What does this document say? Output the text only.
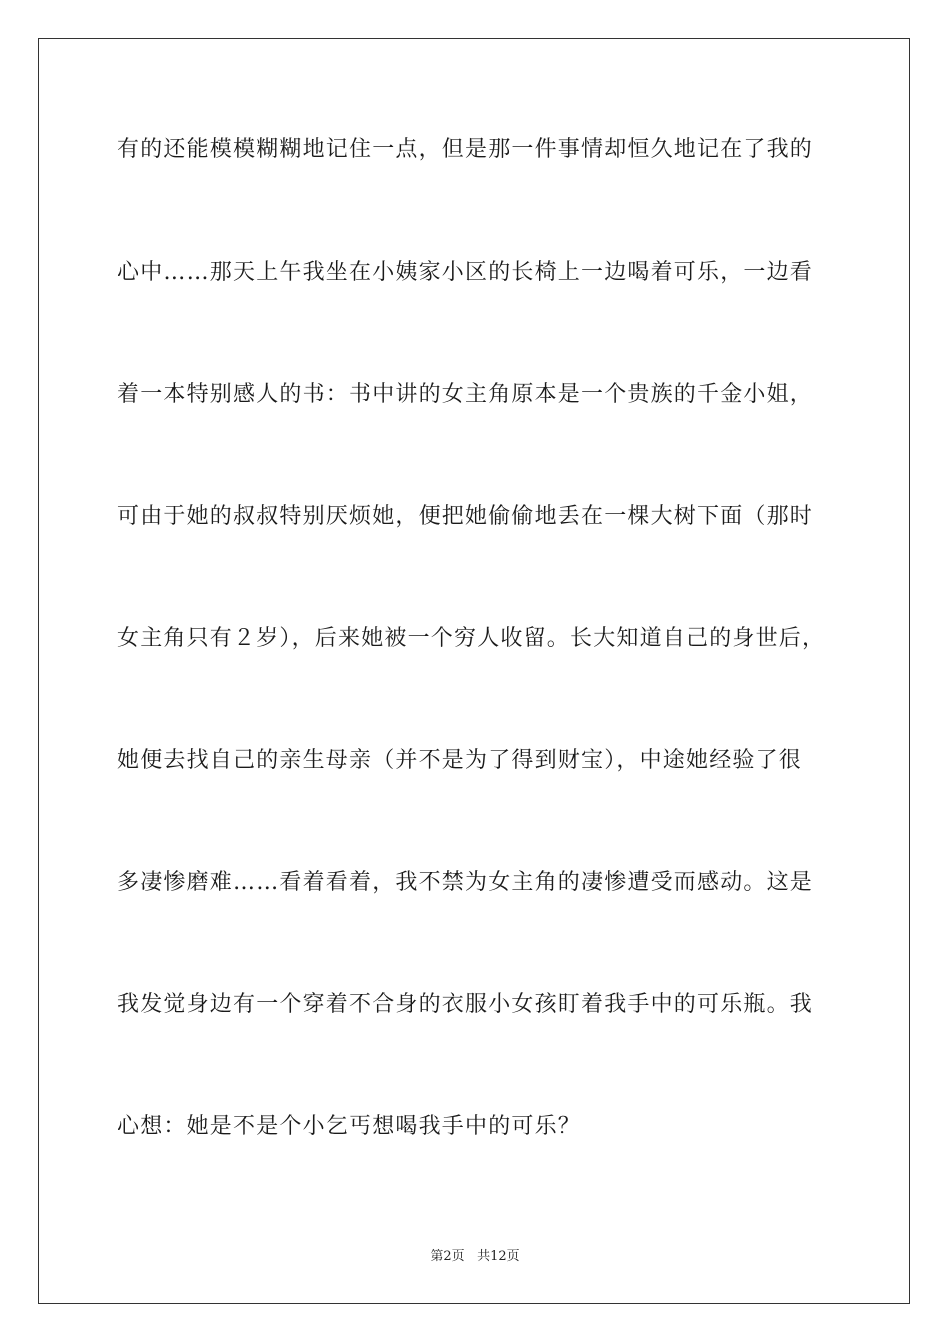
有的还能模模糊糊地记住一点，但是那一件事情却恒久地记在了我的
心中……那天上午我坐在小姨家小区的长椅上一边喝着可乐，一边看
着一本特别感人的书：书中讲的女主角原本是一个贵族的千金小姐，
可由于她的叔叔特别厌烦她，便把她偷偷地丢在一棵大树下面（那时
女主角只有２岁），后来她被一个穷人收留。长大知道自己的身世后，
她便去找自己的亲生母亲（并不是为了得到财宝），中途她经验了很
多凄惨磨难……看着看着，我不禁为女主角的凄惨遭受而感动。这是
我发觉身边有一个穿着不合身的衣服小女孩盯着我手中的可乐瓶。我
心想：她是不是个小乞丐想喝我手中的可乐？
第2页 共12页
